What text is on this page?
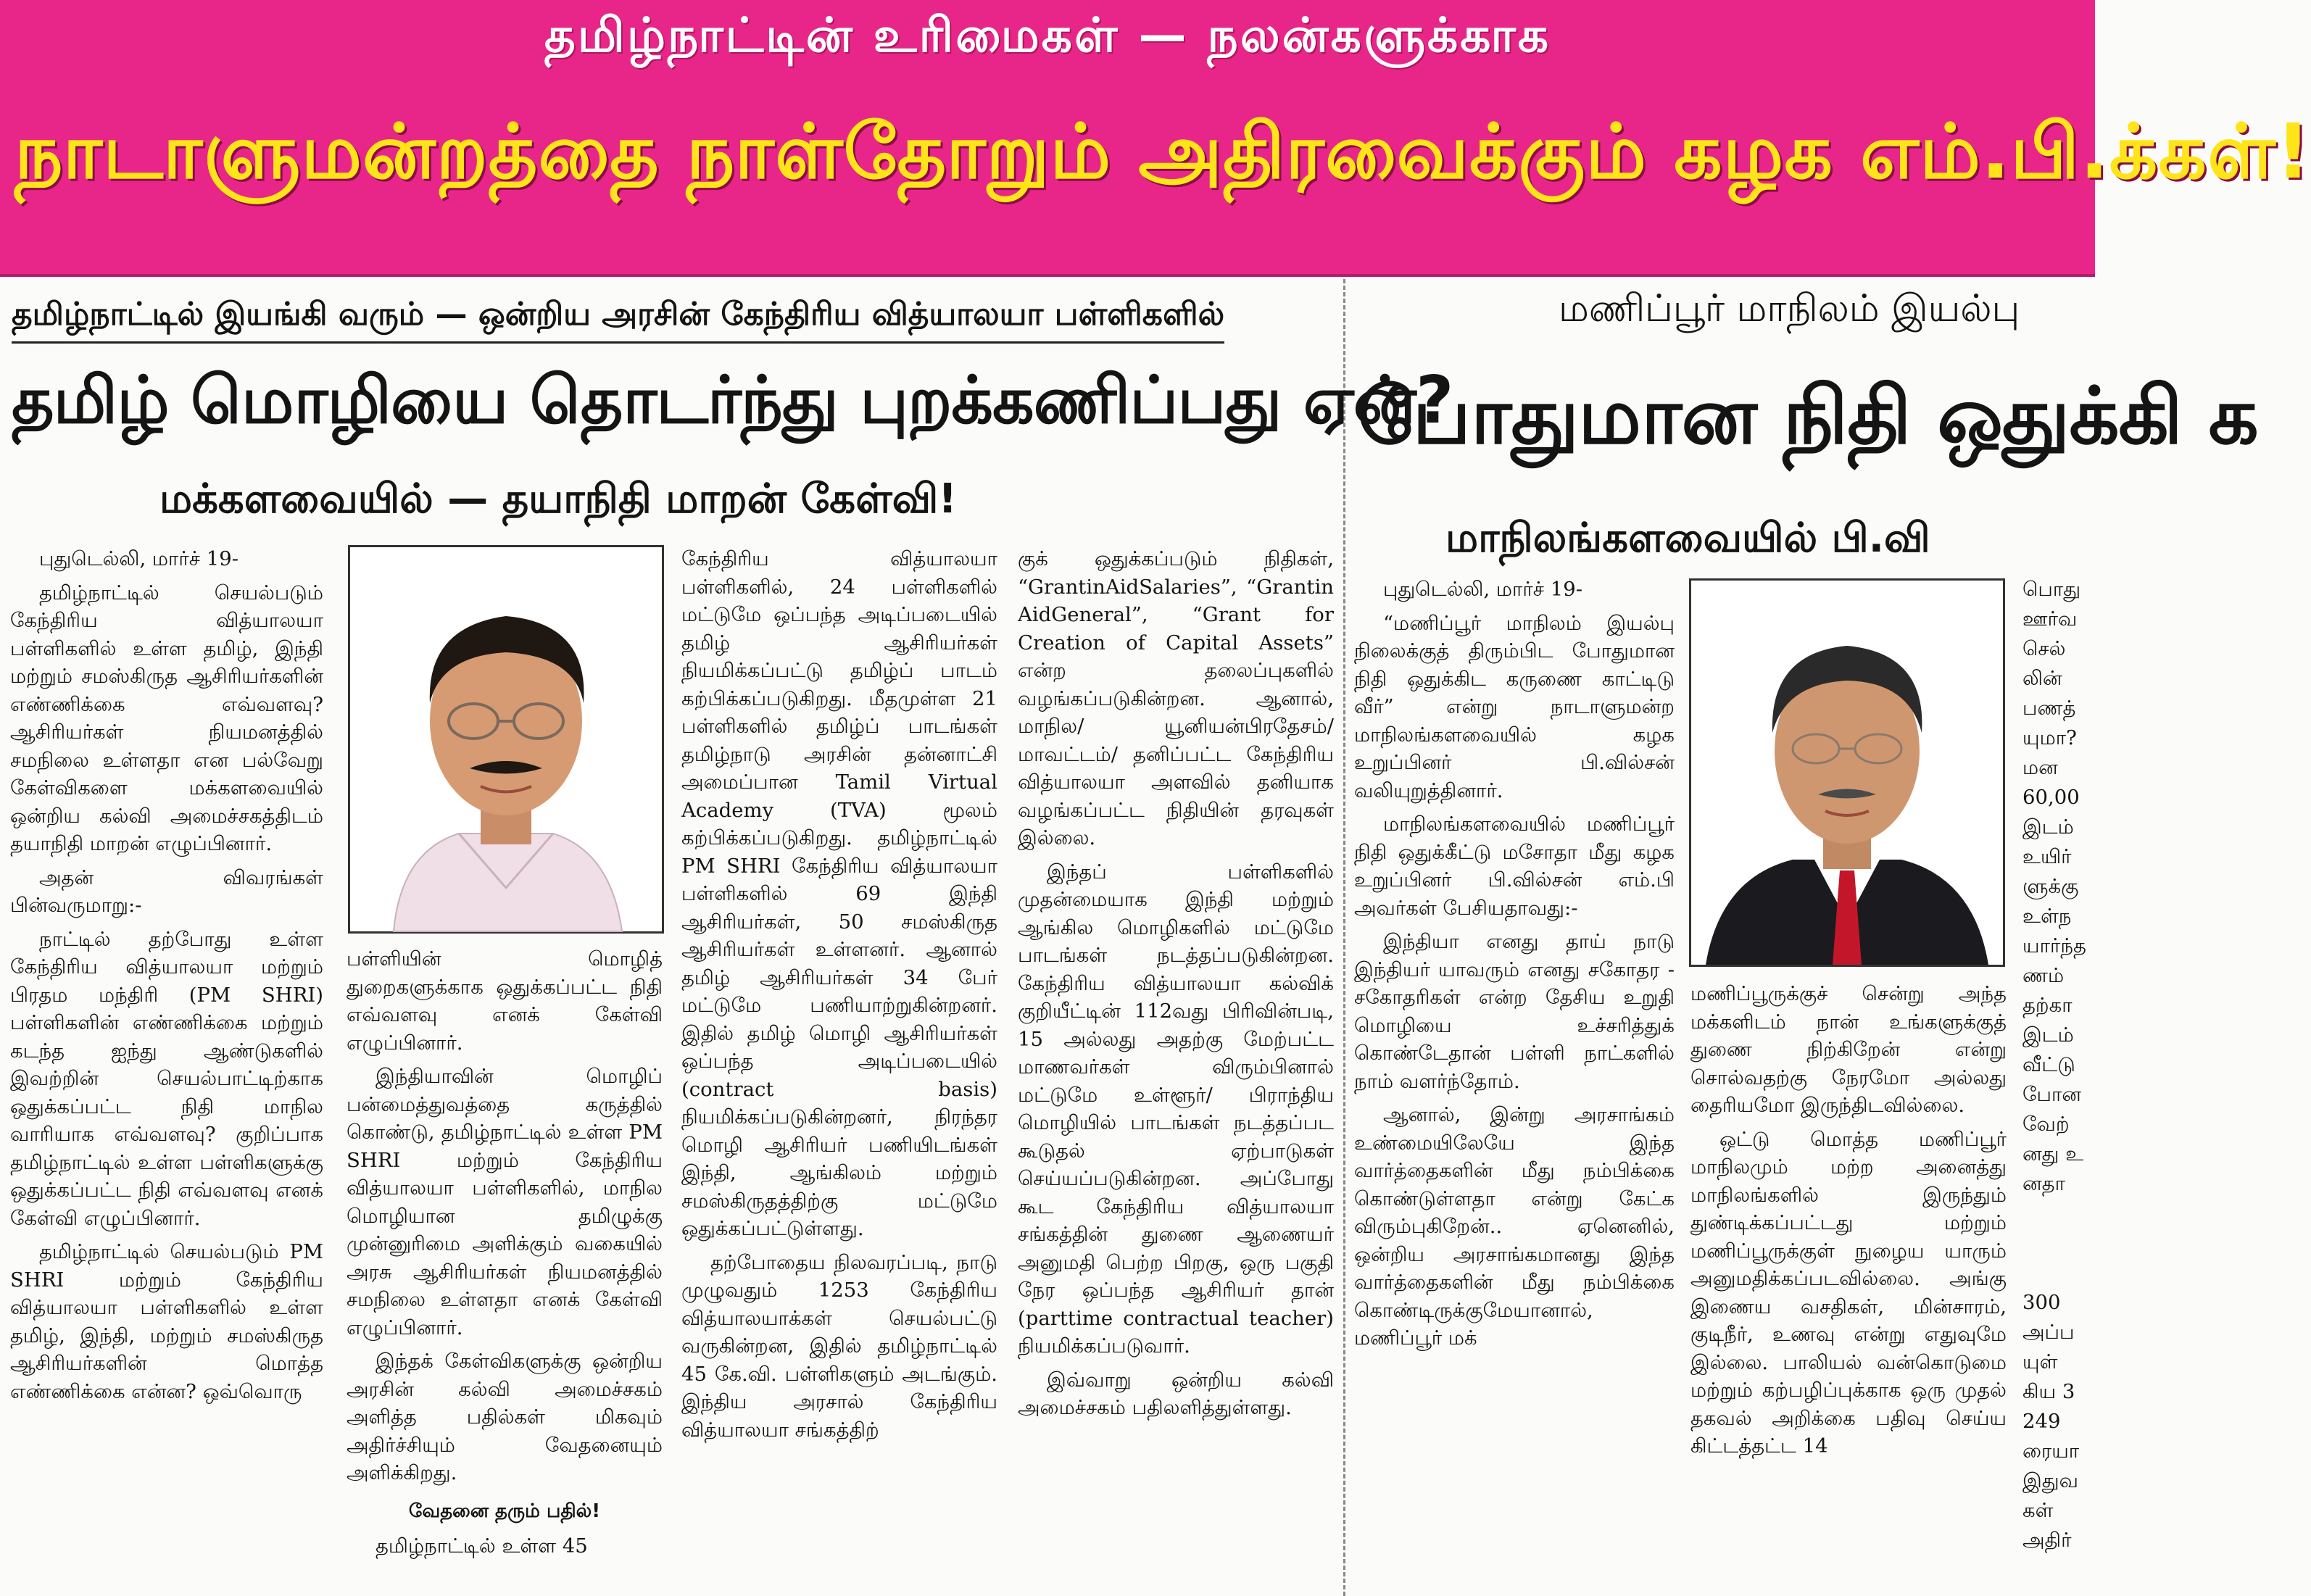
தமிழ்நாட்டின் உரிமைகள் — நலன்களுக்காக
நாடாளுமன்றத்தை நாள்தோறும் அதிரவைக்கும் கழக எம்.பி.க்கள்!
தமிழ்நாட்டில் இயங்கி வரும் — ஒன்றிய அரசின் கேந்திரிய வித்யாலயா பள்ளிகளில்
தமிழ் மொழியை தொடர்ந்து புறக்கணிப்பது ஏன்?
மக்களவையில் — தயாநிதி மாறன் கேள்வி!

புதுடெல்லி, மார்ச் 19-

தமிழ்நாட்டில் செயல்படும் கேந்திரிய வித்யாலயா பள்ளிகளில் உள்ள தமிழ், இந்தி மற்றும் சமஸ்கிருத ஆசிரியர்களின் எண்ணிக்கை எவ்வளவு? ஆசிரியர்கள் நியமனத்தில் சமநிலை உள்ளதா என பல்வேறு கேள்விகளை மக்களவையில் ஒன்றிய கல்வி அமைச்சகத்திடம் தயாநிதி மாறன் எழுப்பினார்.

அதன் விவரங்கள் பின்வருமாறு:-

நாட்டில் தற்போது உள்ள கேந்திரிய வித்யாலயா மற்றும் பிரதம மந்திரி (PM SHRI) பள்ளிகளின் எண்ணிக்கை மற்றும் கடந்த ஐந்து ஆண்டுகளில் இவற்றின் செயல்பாட்டிற்காக ஒதுக்கப்பட்ட நிதி மாநில வாரியாக எவ்வளவு? குறிப்பாக தமிழ்நாட்டில் உள்ள பள்ளிகளுக்கு ஒதுக்கப்பட்ட நிதி எவ்வளவு எனக் கேள்வி எழுப்பினார்.

தமிழ்நாட்டில் செயல்படும் PM SHRI மற்றும் கேந்திரிய வித்யாலயா பள்ளிகளில் உள்ள தமிழ், இந்தி, மற்றும் சமஸ்கிருத ஆசிரியர்களின் மொத்த எண்ணிக்கை என்ன? ஒவ்வொரு

பள்ளியின் மொழித் துறைகளுக்காக ஒதுக்கப்பட்ட நிதி எவ்வளவு எனக் கேள்வி எழுப்பினார்.

இந்தியாவின் மொழிப் பன்மைத்துவத்தை கருத்தில் கொண்டு, தமிழ்நாட்டில் உள்ள PM SHRI மற்றும் கேந்திரிய வித்யாலயா பள்ளிகளில், மாநில மொழியான தமிழுக்கு முன்னுரிமை அளிக்கும் வகையில் அரசு ஆசிரியர்கள் நியமனத்தில் சமநிலை உள்ளதா எனக் கேள்வி எழுப்பினார்.

இந்தக் கேள்விகளுக்கு ஒன்றிய அரசின் கல்வி அமைச்சகம் அளித்த பதில்கள் மிகவும் அதிர்ச்சியும் வேதனையும் அளிக்கிறது.

வேதனை தரும் பதில்!

தமிழ்நாட்டில் உள்ள 45

கேந்திரிய வித்யாலயா பள்ளிகளில், 24 பள்ளிகளில் மட்டுமே ஒப்பந்த அடிப்படையில் தமிழ் ஆசிரியர்கள் நியமிக்கப்பட்டு தமிழ்ப் பாடம் கற்பிக்கப்படுகிறது. மீதமுள்ள 21 பள்ளிகளில் தமிழ்ப் பாடங்கள் தமிழ்நாடு அரசின் தன்னாட்சி அமைப்பான Tamil Virtual Academy (TVA) மூலம் கற்பிக்கப்படுகிறது. தமிழ்நாட்டில் PM SHRI கேந்திரிய வித்யாலயா பள்ளிகளில் 69 இந்தி ஆசிரியர்கள், 50 சமஸ்கிருத ஆசிரியர்கள் உள்ளனர். ஆனால் தமிழ் ஆசிரியர்கள் 34 பேர் மட்டுமே பணியாற்றுகின்றனர். இதில் தமிழ் மொழி ஆசிரியர்கள் ஒப்பந்த அடிப்படையில் (contract basis) நியமிக்கப்படுகின்றனர், நிரந்தர மொழி ஆசிரியர் பணியிடங்கள் இந்தி, ஆங்கிலம் மற்றும் சமஸ்கிருதத்திற்கு மட்டுமே ஒதுக்கப்பட்டுள்ளது.

தற்போதைய நிலவரப்படி, நாடு முழுவதும் 1253 கேந்திரிய வித்யாலயாக்கள் செயல்பட்டு வருகின்றன, இதில் தமிழ்நாட்டில் 45 கே.வி. பள்ளிகளும் அடங்கும். இந்திய அரசால் கேந்திரிய வித்யாலயா சங்கத்திற்

குக் ஒதுக்கப்படும் நிதிகள், “GrantinAidSalaries”, “Grantin AidGeneral”, “Grant for Creation of Capital Assets” என்ற தலைப்புகளில் வழங்கப்படுகின்றன. ஆனால், மாநில/ யூனியன்பிரதேசம்/ மாவட்டம்/ தனிப்பட்ட கேந்திரிய வித்யாலயா அளவில் தனியாக வழங்கப்பட்ட நிதியின் தரவுகள் இல்லை.

இந்தப் பள்ளிகளில் முதன்மையாக இந்தி மற்றும் ஆங்கில மொழிகளில் மட்டுமே பாடங்கள் நடத்தப்படுகின்றன. கேந்திரிய வித்யாலயா கல்விக் குறியீட்டின் 112வது பிரிவின்படி, 15 அல்லது அதற்கு மேற்பட்ட மாணவர்கள் விரும்பினால் மட்டுமே உள்ளூர்/ பிராந்திய மொழியில் பாடங்கள் நடத்தப்பட கூடுதல் ஏற்பாடுகள் செய்யப்படுகின்றன. அப்போது கூட கேந்திரிய வித்யாலயா சங்கத்தின் துணை ஆணையர் அனுமதி பெற்ற பிறகு, ஒரு பகுதி நேர ஒப்பந்த ஆசிரியர் தான் (parttime contractual teacher) நியமிக்கப்படுவார்.

இவ்வாறு ஒன்றிய கல்வி அமைச்சகம் பதிலளித்துள்ளது.

மணிப்பூர் மாநிலம் இயல்பு
போதுமான நிதி ஒதுக்கி க
மாநிலங்களவையில் பி.வி

புதுடெல்லி, மார்ச் 19-

“மணிப்பூர் மாநிலம் இயல்பு நிலைக்குத் திரும்பிட போதுமான நிதி ஒதுக்கிட கருணை காட்டிடு வீர்” என்று நாடாளுமன்ற மாநிலங்களவையில் கழக உறுப்பினர் பி.வில்சன் வலியுறுத்தினார்.

மாநிலங்களவையில் மணிப்பூர் நிதி ஒதுக்கீட்டு மசோதா மீது கழக உறுப்பினர் பி.வில்சன் எம்.பி அவர்கள் பேசியதாவது:-

இந்தியா எனது தாய் நாடு இந்தியர் யாவரும் எனது சகோதர - சகோதரிகள் என்ற தேசிய உறுதி மொழியை உச்சரித்துக் கொண்டேதான் பள்ளி நாட்களில் நாம் வளர்ந்தோம்.

ஆனால், இன்று அரசாங்கம் உண்மையிலேயே இந்த வார்த்தைகளின் மீது நம்பிக்கை கொண்டுள்ளதா என்று கேட்க விரும்புகிறேன்.. ஏனெனில், ஒன்றிய அரசாங்கமானது இந்த வார்த்தைகளின் மீது நம்பிக்கை கொண்டிருக்குமேயானால், மணிப்பூர் மக்

மணிப்பூருக்குச் சென்று அந்த மக்களிடம் நான் உங்களுக்குத் துணை நிற்கிறேன் என்று சொல்வதற்கு நேரமோ அல்லது தைரியமோ இருந்திடவில்லை.

ஒட்டு மொத்த மணிப்பூர் மாநிலமும் மற்ற அனைத்து மாநிலங்களில் இருந்தும் துண்டிக்கப்பட்டது மற்றும் மணிப்பூருக்குள் நுழைய யாரும் அனுமதிக்கப்படவில்லை. அங்கு இணைய வசதிகள், மின்சாரம், குடிநீர், உணவு என்று எதுவுமே இல்லை. பாலியல் வன்கொடுமை மற்றும் கற்பழிப்புக்காக ஒரு முதல் தகவல் அறிக்கை பதிவு செய்ய கிட்டத்தட்ட 14

பொது
ஊர்வ
செல்
லின்
பணத்
யுமா?
மன
60,00
இடம்
உயிர்
ளுக்கு
உள்ந
யார்ந்த
ணம்
தற்கா
இடம்
வீட்டு
போன
வேற்
னது உ
னதா
300
அப்ப
யுள்
கிய 3
249
ரையா
இதுவ
கள்
அதிர்
